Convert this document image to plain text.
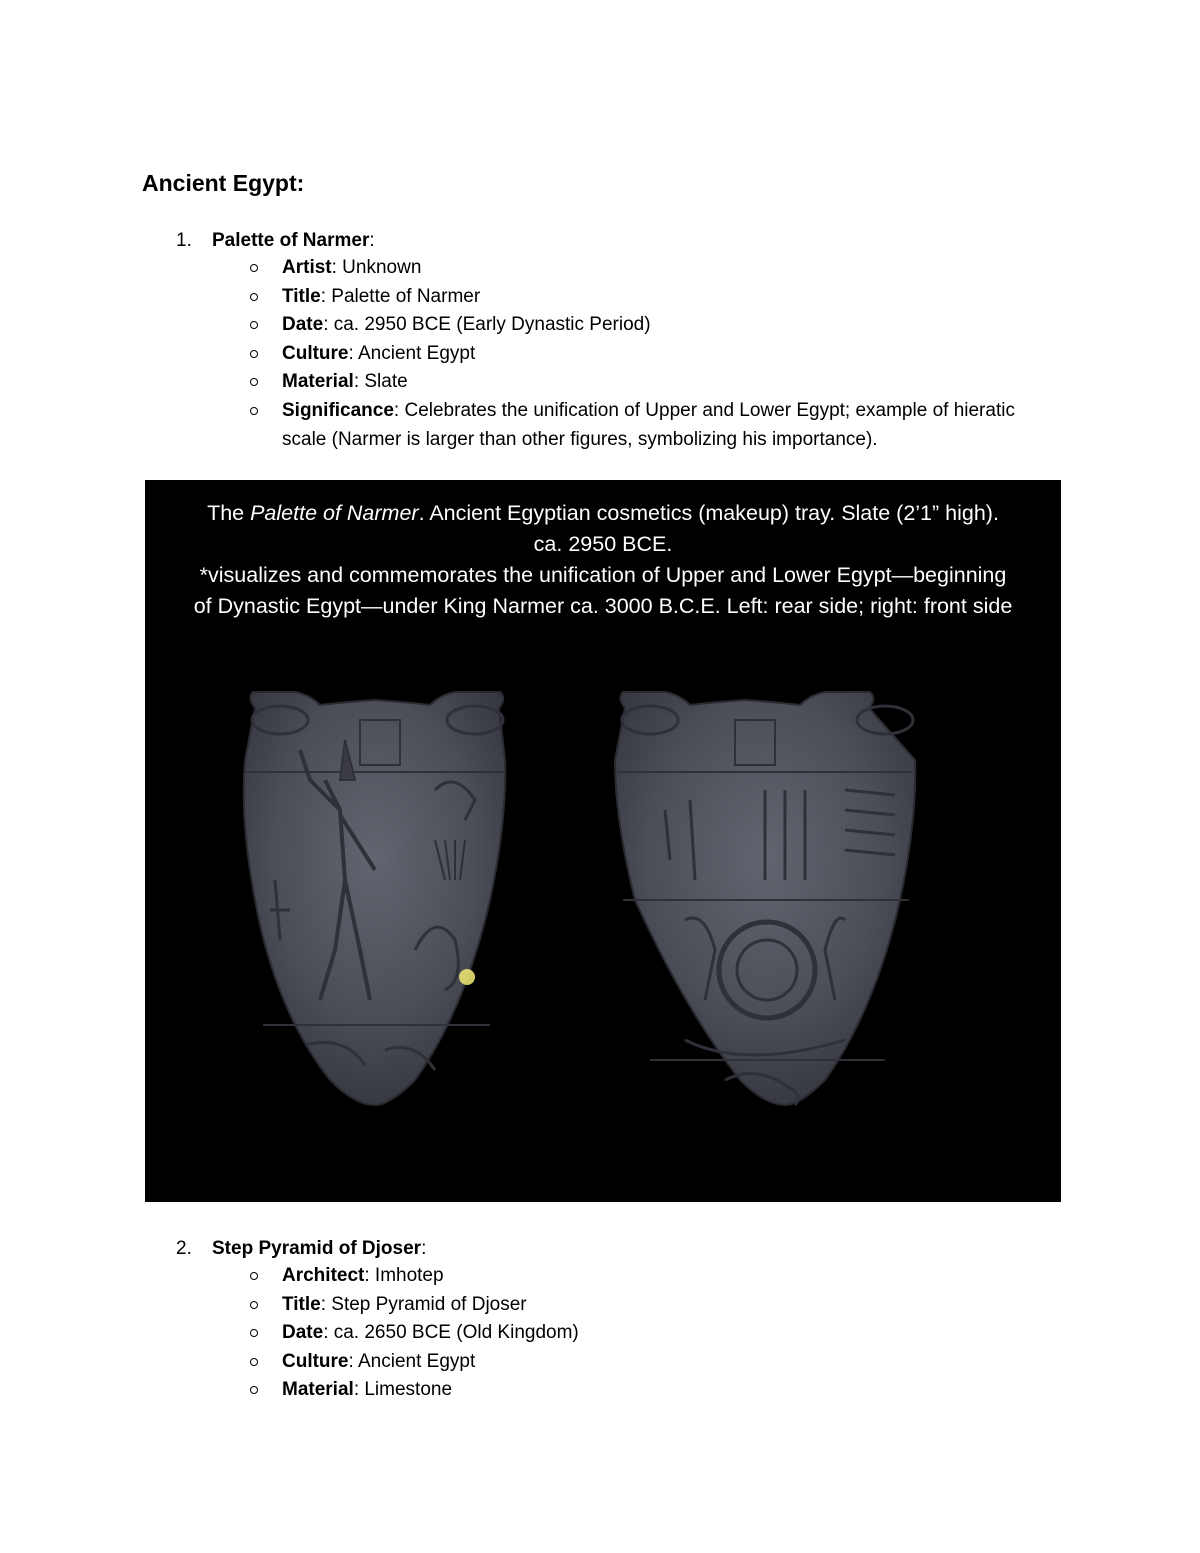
Ancient Egypt:
1. Palette of Narmer:
Artist: Unknown
Title: Palette of Narmer
Date: ca. 2950 BCE (Early Dynastic Period)
Culture: Ancient Egypt
Material: Slate
Significance: Celebrates the unification of Upper and Lower Egypt; example of hieratic scale (Narmer is larger than other figures, symbolizing his importance).
The Palette of Narmer. Ancient Egyptian cosmetics (makeup) tray. Slate (2’1” high).
ca. 2950 BCE.
*visualizes and commemorates the unification of Upper and Lower Egypt—beginning
of Dynastic Egypt—under King Narmer ca. 3000 B.C.E. Left: rear side; right: front side
2. Step Pyramid of Djoser:
Architect: Imhotep
Title: Step Pyramid of Djoser
Date: ca. 2650 BCE (Old Kingdom)
Culture: Ancient Egypt
Material: Limestone
